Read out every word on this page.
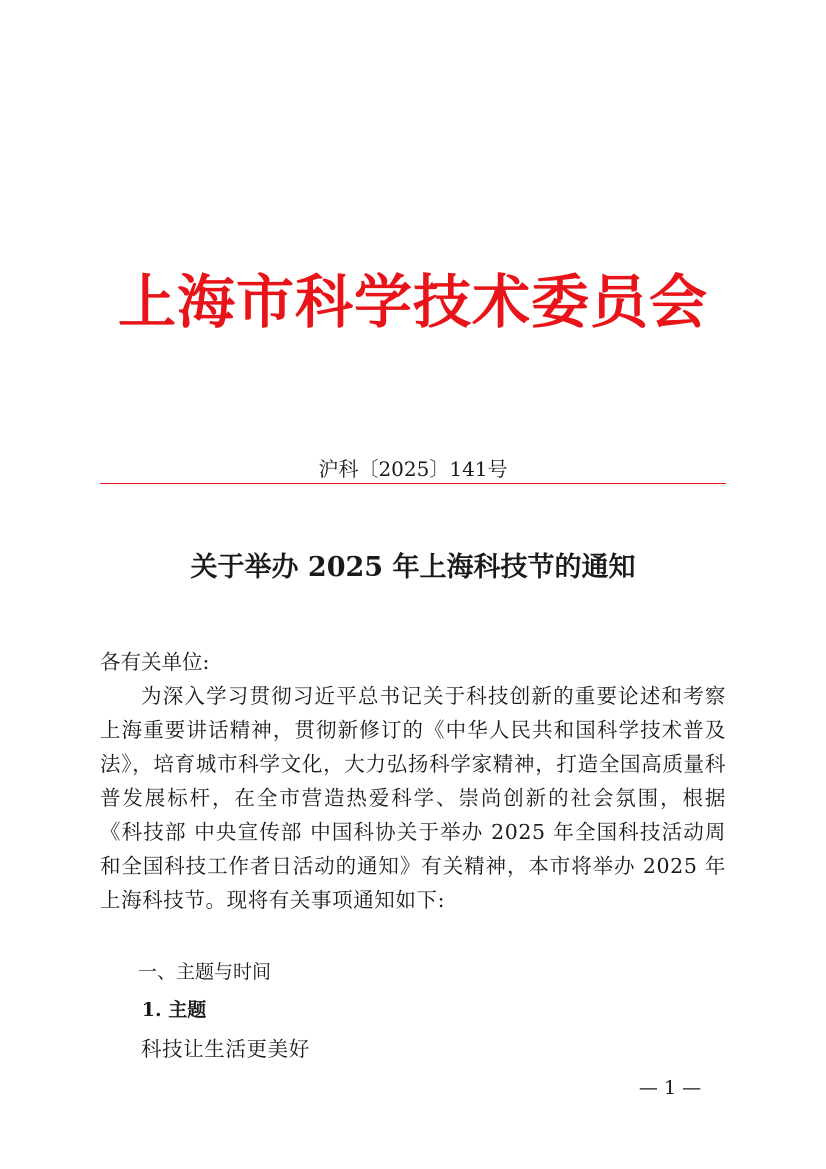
上海市科学技术委员会
沪科〔2025〕141号
关于举办 2025 年上海科技节的通知
各有关单位:
为深入学习贯彻习近平总书记关于科技创新的重要论述和考察上海重要讲话精神，贯彻新修订的《中华人民共和国科学技术普及法》，培育城市科学文化，大力弘扬科学家精神，打造全国高质量科普发展标杆，在全市营造热爱科学、崇尚创新的社会氛围，根据《科技部 中央宣传部 中国科协关于举办 2025 年全国科技活动周和全国科技工作者日活动的通知》有关精神，本市将举办 2025 年上海科技节。现将有关事项通知如下:
一、主题与时间
1. 主题
科技让生活更美好
— 1 —
